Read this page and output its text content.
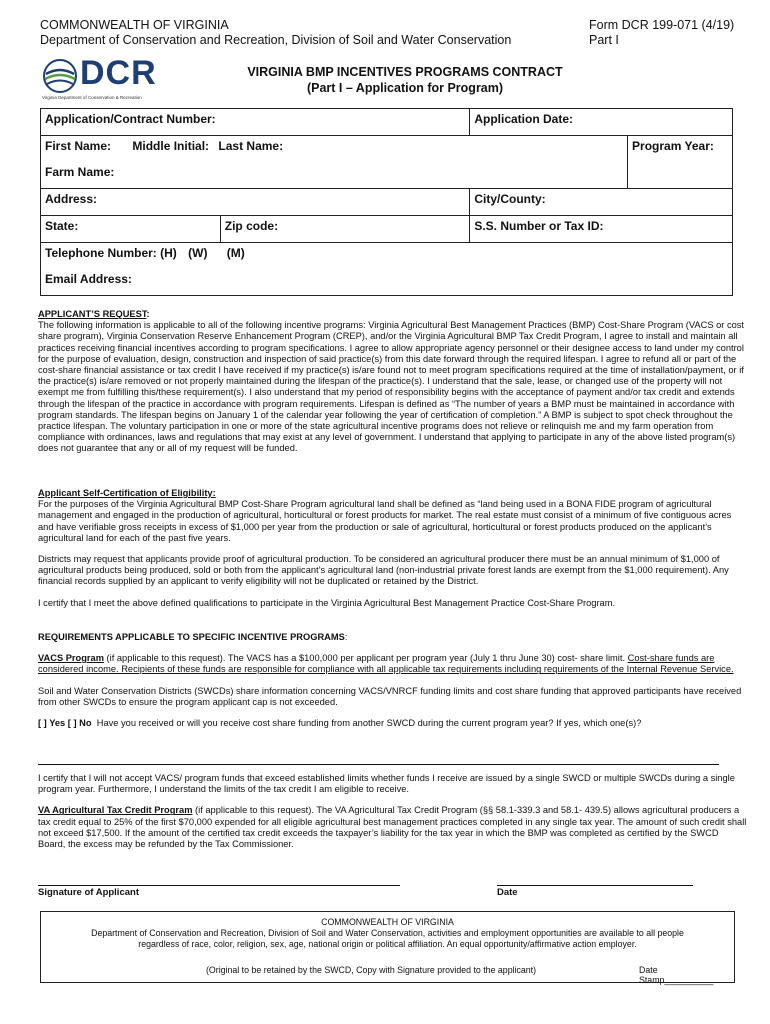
COMMONWEALTH OF VIRGINIA
Department of Conservation and Recreation, Division of Soil and Water Conservation
Form DCR 199-071 (4/19)
Part I
DCR
Virginia Department of Conservation & Recreation
VIRGINIA BMP INCENTIVES PROGRAMS CONTRACT
(Part I – Application for Program)
Application/Contract Number:		Application Date:	
First Name: Middle Initial: Last Name:			Program Year:
Farm Name:			
Address:		City/County:	
State:	Zip code:	S.S. Number or Tax ID:	
Telephone Number: (H) (W) (M)			
Email Address:			

APPLICANT’S REQUEST:

The following information is applicable to all of the following incentive programs: Virginia Agricultural Best Management Practices (BMP) Cost-Share Program (VACS or cost share program), Virginia Conservation Reserve Enhancement Program (CREP), and/or the Virginia Agricultural BMP Tax Credit Program, I agree to install and maintain all practices receiving financial incentives according to program specifications. I agree to allow appropriate agency personnel or their designee access to land under my control for the purpose of evaluation, design, construction and inspection of said practice(s) from this date forward through the required lifespan. I agree to refund all or part of the cost-share financial assistance or tax credit I have received if my practice(s) is/are found not to meet program specifications required at the time of installation/payment, or if the practice(s) is/are removed or not properly maintained during the lifespan of the practice(s). I understand that the sale, lease, or changed use of the property will not exempt me from fulfilling this/these requirement(s). I also understand that my period of responsibility begins with the acceptance of payment and/or tax credit and extends through the lifespan of the practice in accordance with program requirements. Lifespan is defined as “The number of years a BMP must be maintained in accordance with program standards. The lifespan begins on January 1 of the calendar year following the year of certification of completion.” A BMP is subject to spot check throughout the practice lifespan. The voluntary participation in one or more of the state agricultural incentive programs does not relieve or relinquish me and my farm operation from compliance with ordinances, laws and regulations that may exist at any level of government. I understand that applying to participate in any of the above listed program(s) does not guarantee that any or all of my request will be funded.

Applicant Self-Certification of Eligibility:

For the purposes of the Virginia Agricultural BMP Cost-Share Program agricultural land shall be defined as “land being used in a BONA FIDE program of agricultural management and engaged in the production of agricultural, horticultural or forest products for market. The real estate must consist of a minimum of five contiguous acres and have verifiable gross receipts in excess of $1,000 per year from the production or sale of agricultural, horticultural or forest products produced on the applicant’s agricultural land for each of the past five years.

Districts may request that applicants provide proof of agricultural production. To be considered an agricultural producer there must be an annual minimum of $1,000 of agricultural products being produced, sold or both from the applicant’s agricultural land (non-industrial private forest lands are exempt from the $1,000 requirement). Any financial records supplied by an applicant to verify eligibility will not be duplicated or retained by the District.

I certify that I meet the above defined qualifications to participate in the Virginia Agricultural Best Management Practice Cost-Share Program.

REQUIREMENTS APPLICABLE TO SPECIFIC INCENTIVE PROGRAMS:

VACS Program (if applicable to this request). The VACS has a $100,000 per applicant per program year (July 1 thru June 30) cost- share limit. Cost-share funds are considered income. Recipients of these funds are responsible for compliance with all applicable tax requirements including requirements of the Internal Revenue Service.

Soil and Water Conservation Districts (SWCDs) share information concerning VACS/VNRCF funding limits and cost share funding that approved participants have received from other SWCDs to ensure the program applicant cap is not exceeded.

[ ] Yes [ ] No Have you received or will you receive cost share funding from another SWCD during the current program year? If yes, which one(s)?

I certify that I will not accept VACS/ program funds that exceed established limits whether funds I receive are issued by a single SWCD or multiple SWCDs during a single program year. Furthermore, I understand the limits of the tax credit I am eligible to receive.

VA Agricultural Tax Credit Program (if applicable to this request). The VA Agricultural Tax Credit Program (§§ 58.1-339.3 and 58.1- 439.5) allows agricultural producers a tax credit equal to 25% of the first $70,000 expended for all eligible agricultural best management practices completed in any single tax year. The amount of such credit shall not exceed $17,500. If the amount of the certified tax credit exceeds the taxpayer’s liability for the tax year in which the BMP was completed as certified by the SWCD Board, the excess may be refunded by the Tax Commissioner.

Signature of Applicant	Date
COMMONWEALTH OF VIRGINIA
Department of Conservation and Recreation, Division of Soil and Water Conservation, activities and employment opportunities are available to all people
regardless of race, color, religion, sex, age, national origin or political affiliation. An equal opportunity/affirmative action employer.
(Original to be retained by the SWCD, Copy with Signature provided to the applicant)	Date Stamp__________
